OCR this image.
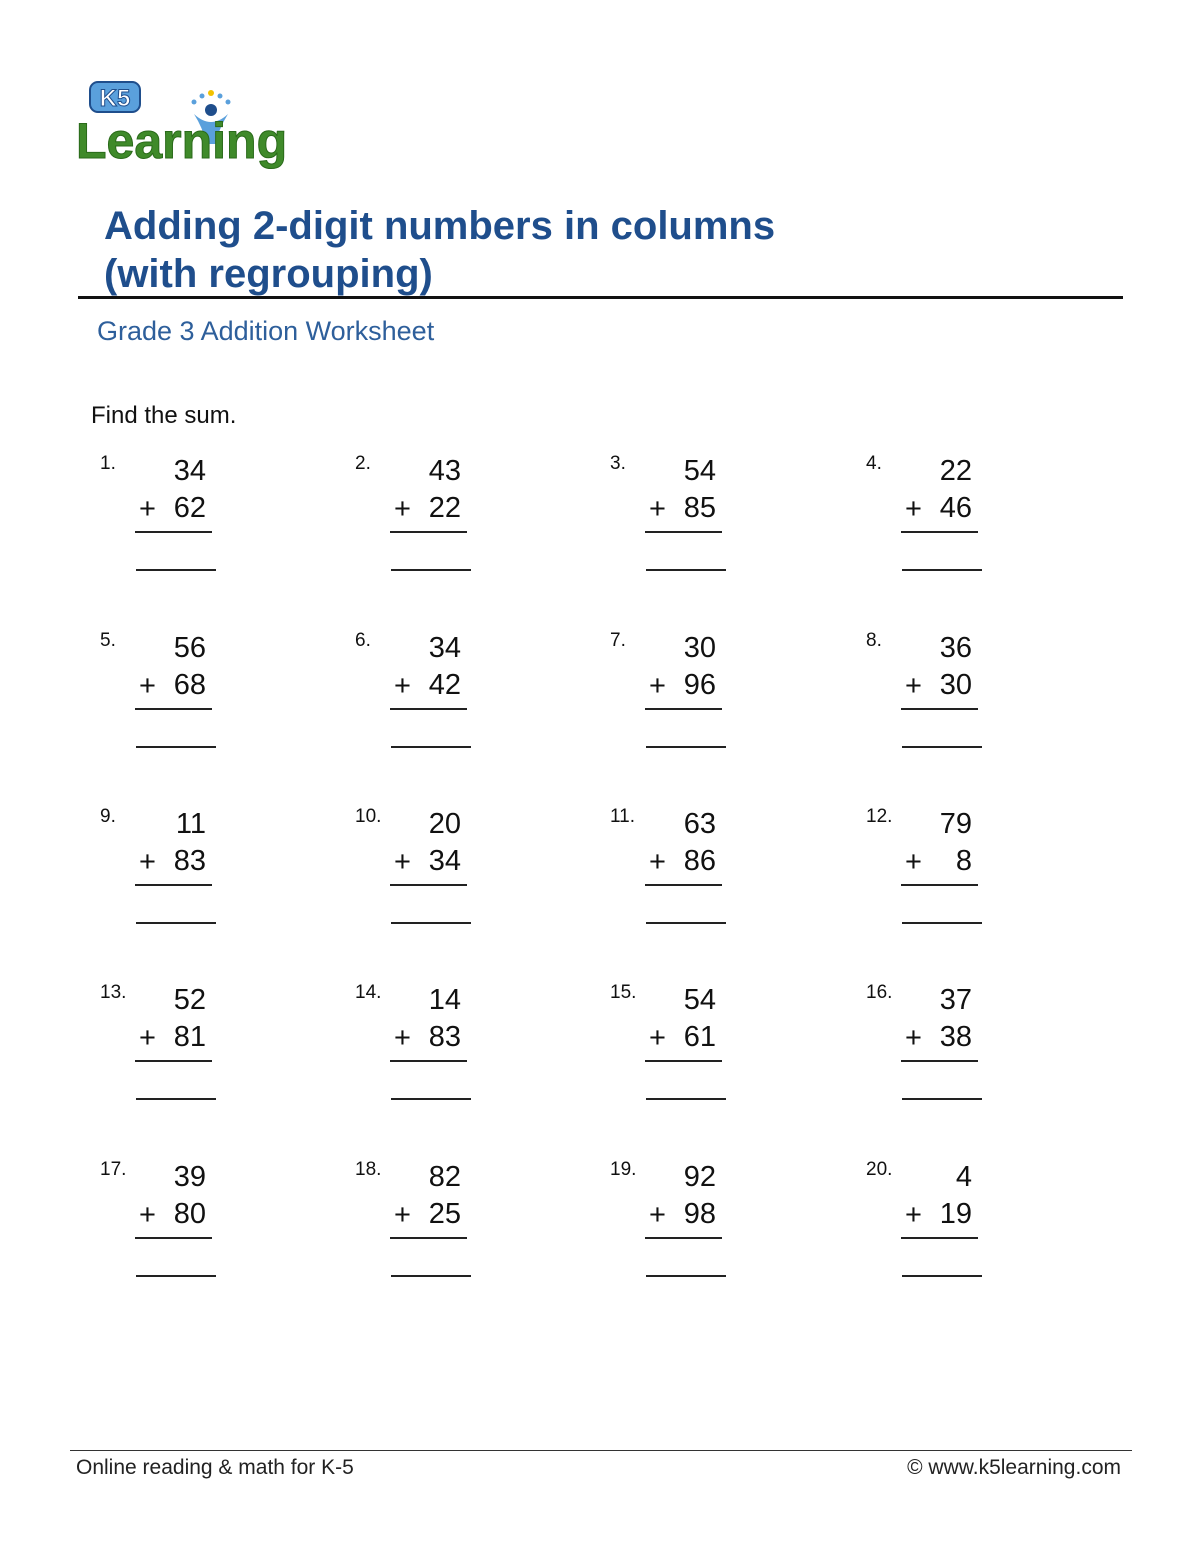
K5
Learning
Adding 2-digit numbers in columns
(with regrouping)
Grade 3 Addition Worksheet
Find the sum.
1. 34
+ 62
2. 43
+ 22
3. 54
+ 85
4. 22
+ 46
5. 56
+ 68
6. 34
+ 42
7. 30
+ 96
8. 36
+ 30
9. 11
+ 83
10. 20
+ 34
11. 63
+ 86
12. 79
+ 8
13. 52
+ 81
14. 14
+ 83
15. 54
+ 61
16. 37
+ 38
17. 39
+ 80
18. 82
+ 25
19. 92
+ 98
20. 4
+ 19
Online reading & math for K-5	© www.k5learning.com
